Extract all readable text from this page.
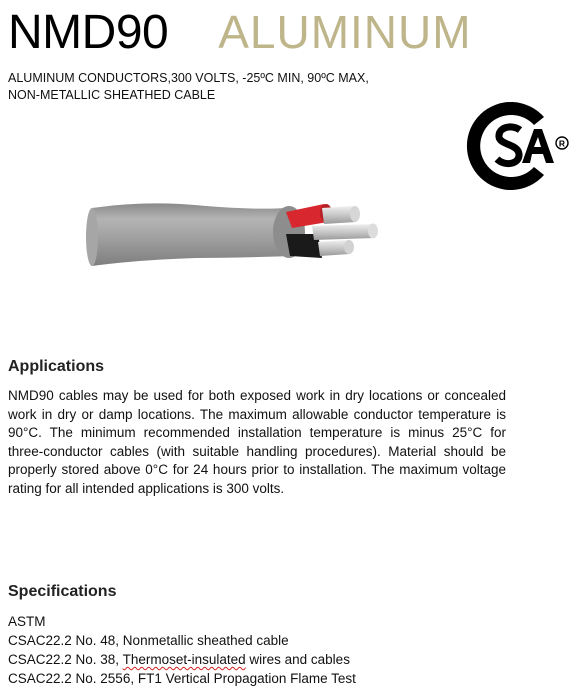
NMD90 ALUMINUM
ALUMINUM CONDUCTORS,300 VOLTS, -25ºC MIN, 90ºC MAX,
NON-METALLIC SHEATHED CABLE
R
Applications
NMD90 cables may be used for both exposed work in dry locations or concealed work in dry or damp locations. The maximum allowable conductor temperature is 90°C. The minimum recommended installation temperature is minus 25°C for three-conductor cables (with suitable handling procedures). Material should be properly stored above 0°C for 24 hours prior to installation. The maximum voltage rating for all intended applications is 300 volts.
Specifications
ASTM
CSAC22.2 No. 48, Nonmetallic sheathed cable
CSAC22.2 No. 38, Thermoset-insulated wires and cables
CSAC22.2 No. 2556, FT1 Vertical Propagation Flame Test
